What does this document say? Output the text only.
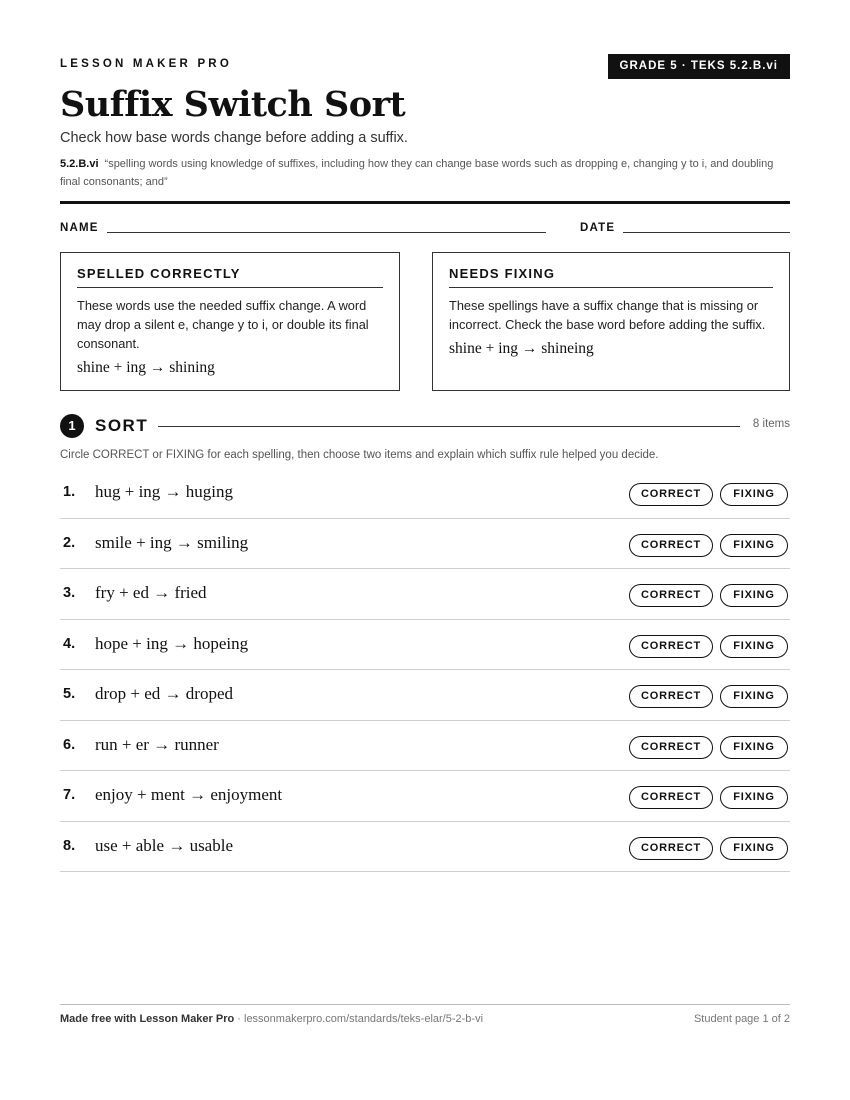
LESSON MAKER PRO	GRADE 5 · TEKS 5.2.B.vi
Suffix Switch Sort
Check how base words change before adding a suffix.
5.2.B.vi “spelling words using knowledge of suffixes, including how they can change base words such as dropping e, changing y to i, and doubling final consonants; and”
NAME	DATE
SPELLED CORRECTLY
These words use the needed suffix change. A word may drop a silent e, change y to i, or double its final consonant.
shine + ing → shining
NEEDS FIXING
These spellings have a suffix change that is missing or incorrect. Check the base word before adding the suffix.
shine + ing → shineing
1	SORT	8 items
Circle CORRECT or FIXING for each spelling, then choose two items and explain which suffix rule helped you decide.
1. hug + ing → huging	CORRECT	FIXING
2. smile + ing → smiling	CORRECT	FIXING
3. fry + ed → fried	CORRECT	FIXING
4. hope + ing → hopeing	CORRECT	FIXING
5. drop + ed → droped	CORRECT	FIXING
6. run + er → runner	CORRECT	FIXING
7. enjoy + ment → enjoyment	CORRECT	FIXING
8. use + able → usable	CORRECT	FIXING
Made free with Lesson Maker Pro · lessonmakerpro.com/standards/teks-elar/5-2-b-vi	Student page 1 of 2
